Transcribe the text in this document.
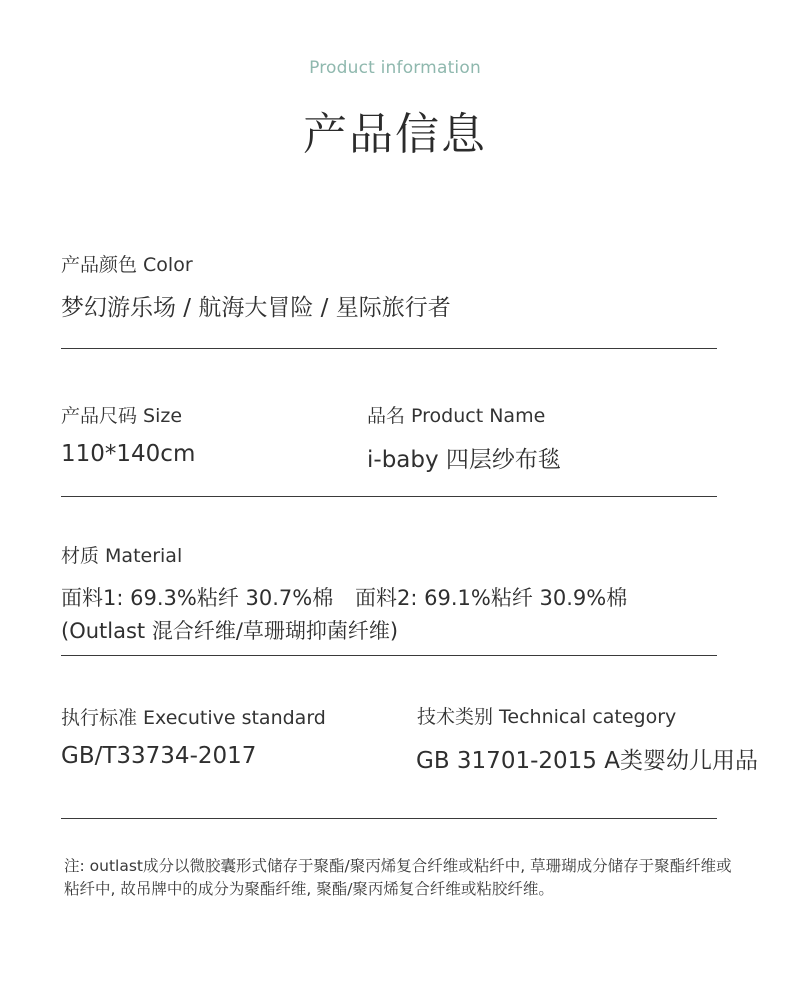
Product information
产品信息
产品颜色 Color
梦幻游乐场 / 航海大冒险 / 星际旅行者
产品尺码 Size
110*140cm
品名 Product Name
i-baby 四层纱布毯
材质 Material
面料1: 69.3%粘纤 30.7%棉 面料2: 69.1%粘纤 30.9%棉
(Outlast 混合纤维/草珊瑚抑菌纤维)
执行标准 Executive standard
GB/T33734-2017
技术类别 Technical category
GB 31701-2015 A类婴幼儿用品
注: outlast成分以微胶囊形式储存于聚酯/聚丙烯复合纤维或粘纤中, 草珊瑚成分储存于聚酯纤维或粘纤中, 故吊牌中的成分为聚酯纤维, 聚酯/聚丙烯复合纤维或粘胶纤维。
